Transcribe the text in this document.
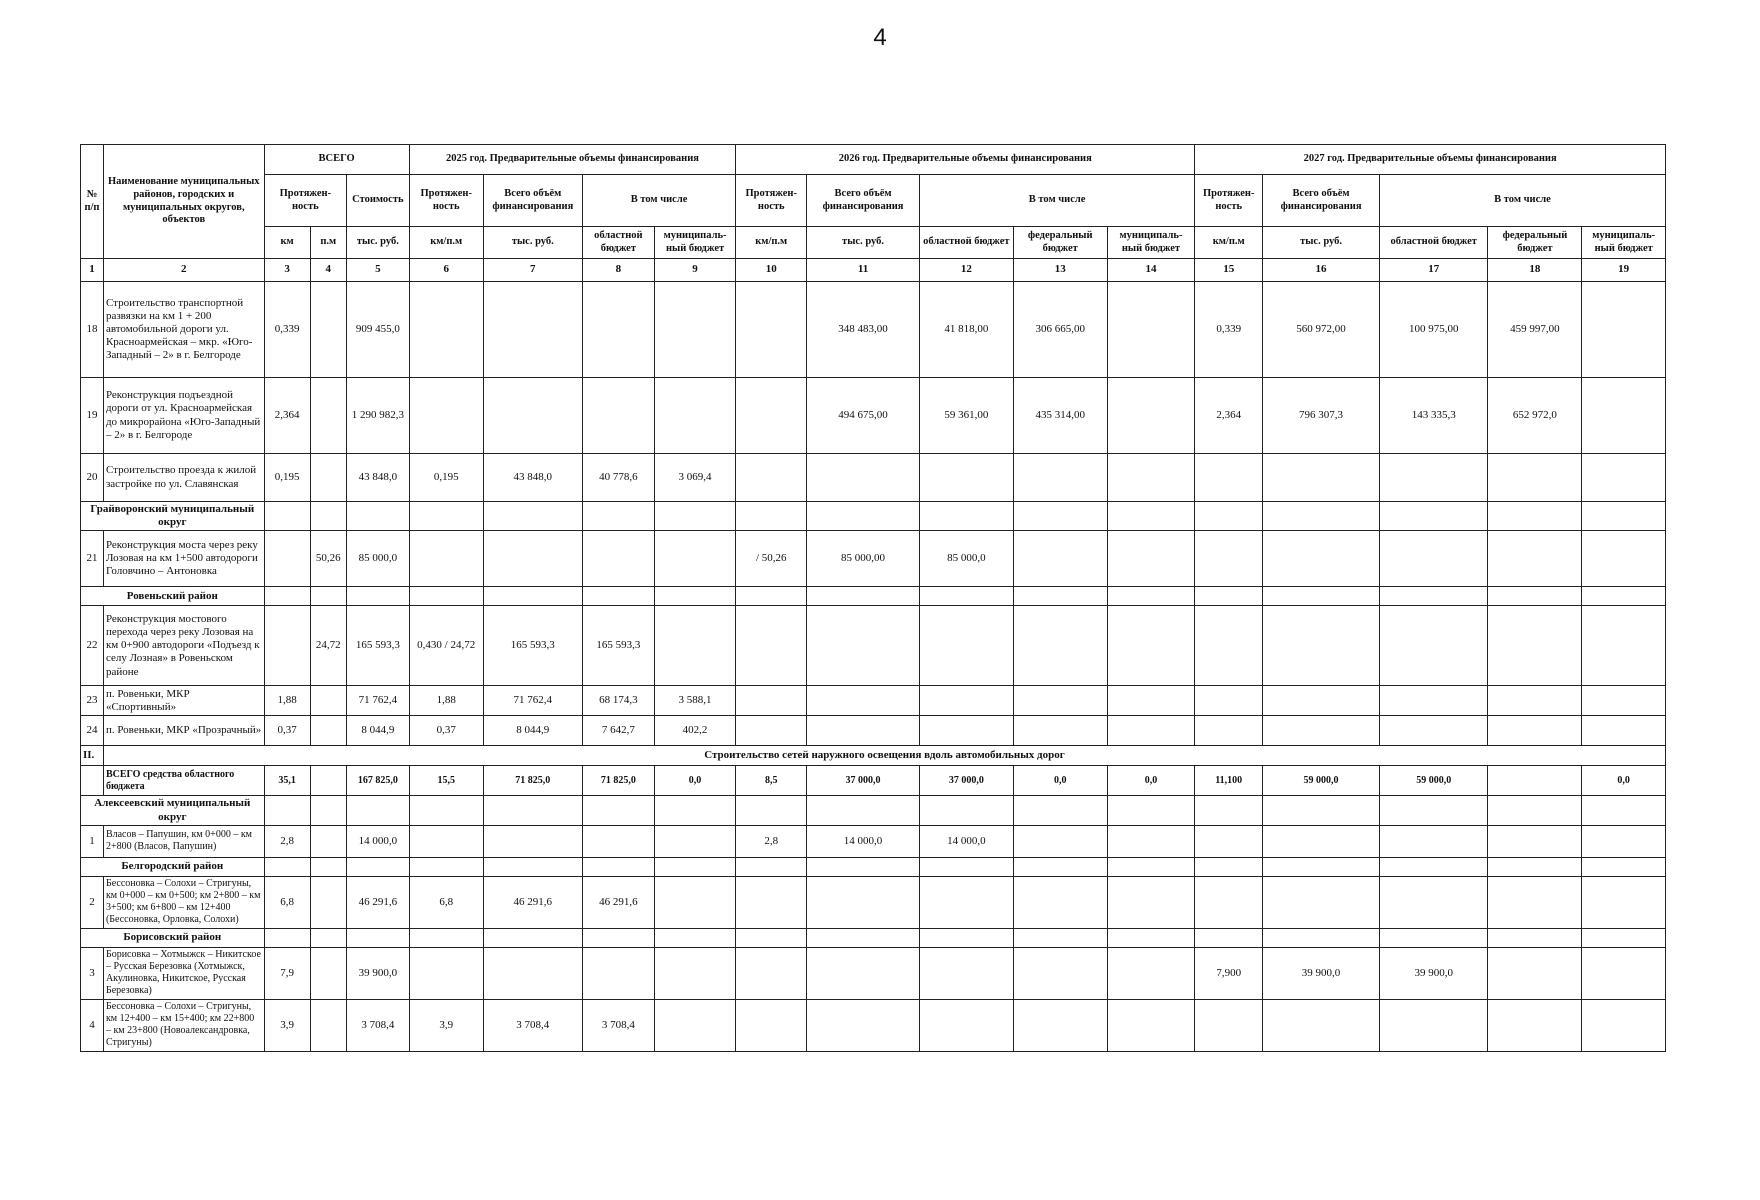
4
№ п/п	Наименование муниципальных районов, городских и муниципальных округов, объектов	ВСЕГО			2025 год. Предварительные объемы финансирования				2026 год. Предварительные объемы финансирования					2027 год. Предварительные объемы финансирования				
		Протяжен-ность		Стоимость	Протяжен-ность	Всего объём финансирования	В том числе		Протяжен-ность	Всего объём финансирования	В том числе			Протяжен-ность	Всего объём финансирования	В том числе		
		км	п.м	тыс. руб.	км/п.м	тыс. руб.	областной бюджет	муниципаль-ный бюджет	км/п.м	тыс. руб.	областной бюджет	федеральный бюджет	муниципаль-ный бюджет	км/п.м	тыс. руб.	областной бюджет	федеральный бюджет	муниципаль-ный бюджет
1	2	3	4	5	6	7	8	9	10	11	12	13	14	15	16	17	18	19
18	Строительство транспортной развязки на км 1 + 200 автомобильной дороги ул. Красноармейская – мкр. «Юго-Западный – 2» в г. Белгороде	0,339		909 455,0						348 483,00	41 818,00	306 665,00		0,339	560 972,00	100 975,00	459 997,00	
19	Реконструкция подъездной дороги от ул. Красноармейская до микрорайона «Юго-Западный – 2» в г. Белгороде	2,364		1 290 982,3						494 675,00	59 361,00	435 314,00		2,364	796 307,3	143 335,3	652 972,0	
20	Строительство проезда к жилой застройке по ул. Славянская	0,195		43 848,0	0,195	43 848,0	40 778,6	3 069,4										
Грайворонский муниципальный округ																		
21	Реконструкция моста через реку Лозовая на км 1+500 автодороги Головчино – Антоновка		50,26	85 000,0					/ 50,26	85 000,00	85 000,0							
Ровеньский район																		
22	Реконструкция мостового перехода через реку Лозовая на км 0+900 автодороги «Подъезд к селу Лозная» в Ровеньском районе		24,72	165 593,3	0,430 / 24,72	165 593,3	165 593,3											
23	п. Ровеньки, МКР «Спортивный»	1,88		71 762,4	1,88	71 762,4	68 174,3	3 588,1										
24	п. Ровеньки, МКР «Прозрачный»	0,37		8 044,9	0,37	8 044,9	7 642,7	402,2										
II.	Строительство сетей наружного освещения вдоль автомобильных дорог																	
	ВСЕГО средства областного бюджета	35,1		167 825,0	15,5	71 825,0	71 825,0	0,0	8,5	37 000,0	37 000,0	0,0	0,0	11,100	59 000,0	59 000,0		0,0
Алексеевский муниципальный округ																		
1	Власов – Папушин, км 0+000 – км 2+800 (Власов, Папушин)	2,8		14 000,0					2,8	14 000,0	14 000,0							
Белгородский район																		
2	Бессоновка – Солохи – Стригуны, км 0+000 – км 0+500; км 2+800 – км 3+500; км 6+800 – км 12+400 (Бессоновка, Орловка, Солохи)	6,8		46 291,6	6,8	46 291,6	46 291,6											
Борисовский район																		
3	Борисовка – Хотмыжск – Никитское – Русская Березовка (Хотмыжск, Акулиновка, Никитское, Русская Березовка)	7,9		39 900,0										7,900	39 900,0	39 900,0		
4	Бессоновка – Солохи – Стригуны, км 12+400 – км 15+400; км 22+800 – км 23+800 (Новоалександровка, Стригуны)	3,9		3 708,4	3,9	3 708,4	3 708,4											
